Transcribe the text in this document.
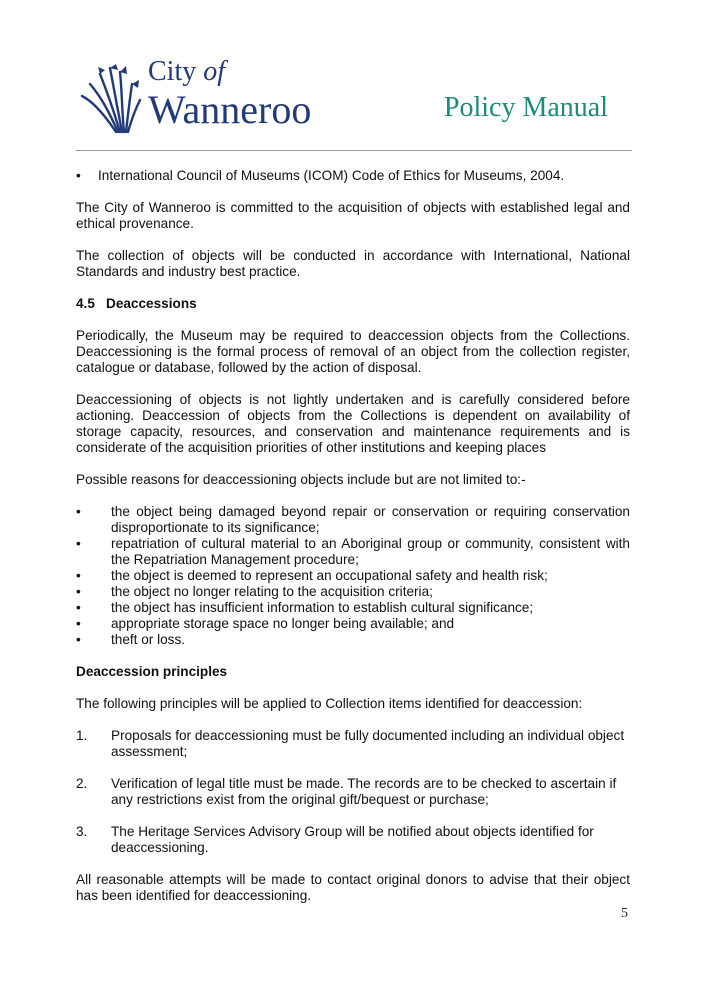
City of
Wanneroo	Policy Manual
•	International Council of Museums (ICOM) Code of Ethics for Museums, 2004.

The City of Wanneroo is committed to the acquisition of objects with established legal and ethical provenance.

The collection of objects will be conducted in accordance with International, National Standards and industry best practice.

4.5 Deaccessions

Periodically, the Museum may be required to deaccession objects from the Collections. Deaccessioning is the formal process of removal of an object from the collection register, catalogue or database, followed by the action of disposal.

Deaccessioning of objects is not lightly undertaken and is carefully considered before actioning. Deaccession of objects from the Collections is dependent on availability of storage capacity, resources, and conservation and maintenance requirements and is considerate of the acquisition priorities of other institutions and keeping places

Possible reasons for deaccessioning objects include but are not limited to:-

•	the object being damaged beyond repair or conservation or requiring conservation disproportionate to its significance;
•	repatriation of cultural material to an Aboriginal group or community, consistent with the Repatriation Management procedure;
•	the object is deemed to represent an occupational safety and health risk;
•	the object no longer relating to the acquisition criteria;
•	the object has insufficient information to establish cultural significance;
•	appropriate storage space no longer being available; and
•	theft or loss.
Deaccession principles

The following principles will be applied to Collection items identified for deaccession:

1.	Proposals for deaccessioning must be fully documented including an individual object assessment;
2.	Verification of legal title must be made. The records are to be checked to ascertain if any restrictions exist from the original gift/bequest or purchase;
3.	The Heritage Services Advisory Group will be notified about objects identified for deaccessioning.

All reasonable attempts will be made to contact original donors to advise that their object has been identified for deaccessioning.

5
